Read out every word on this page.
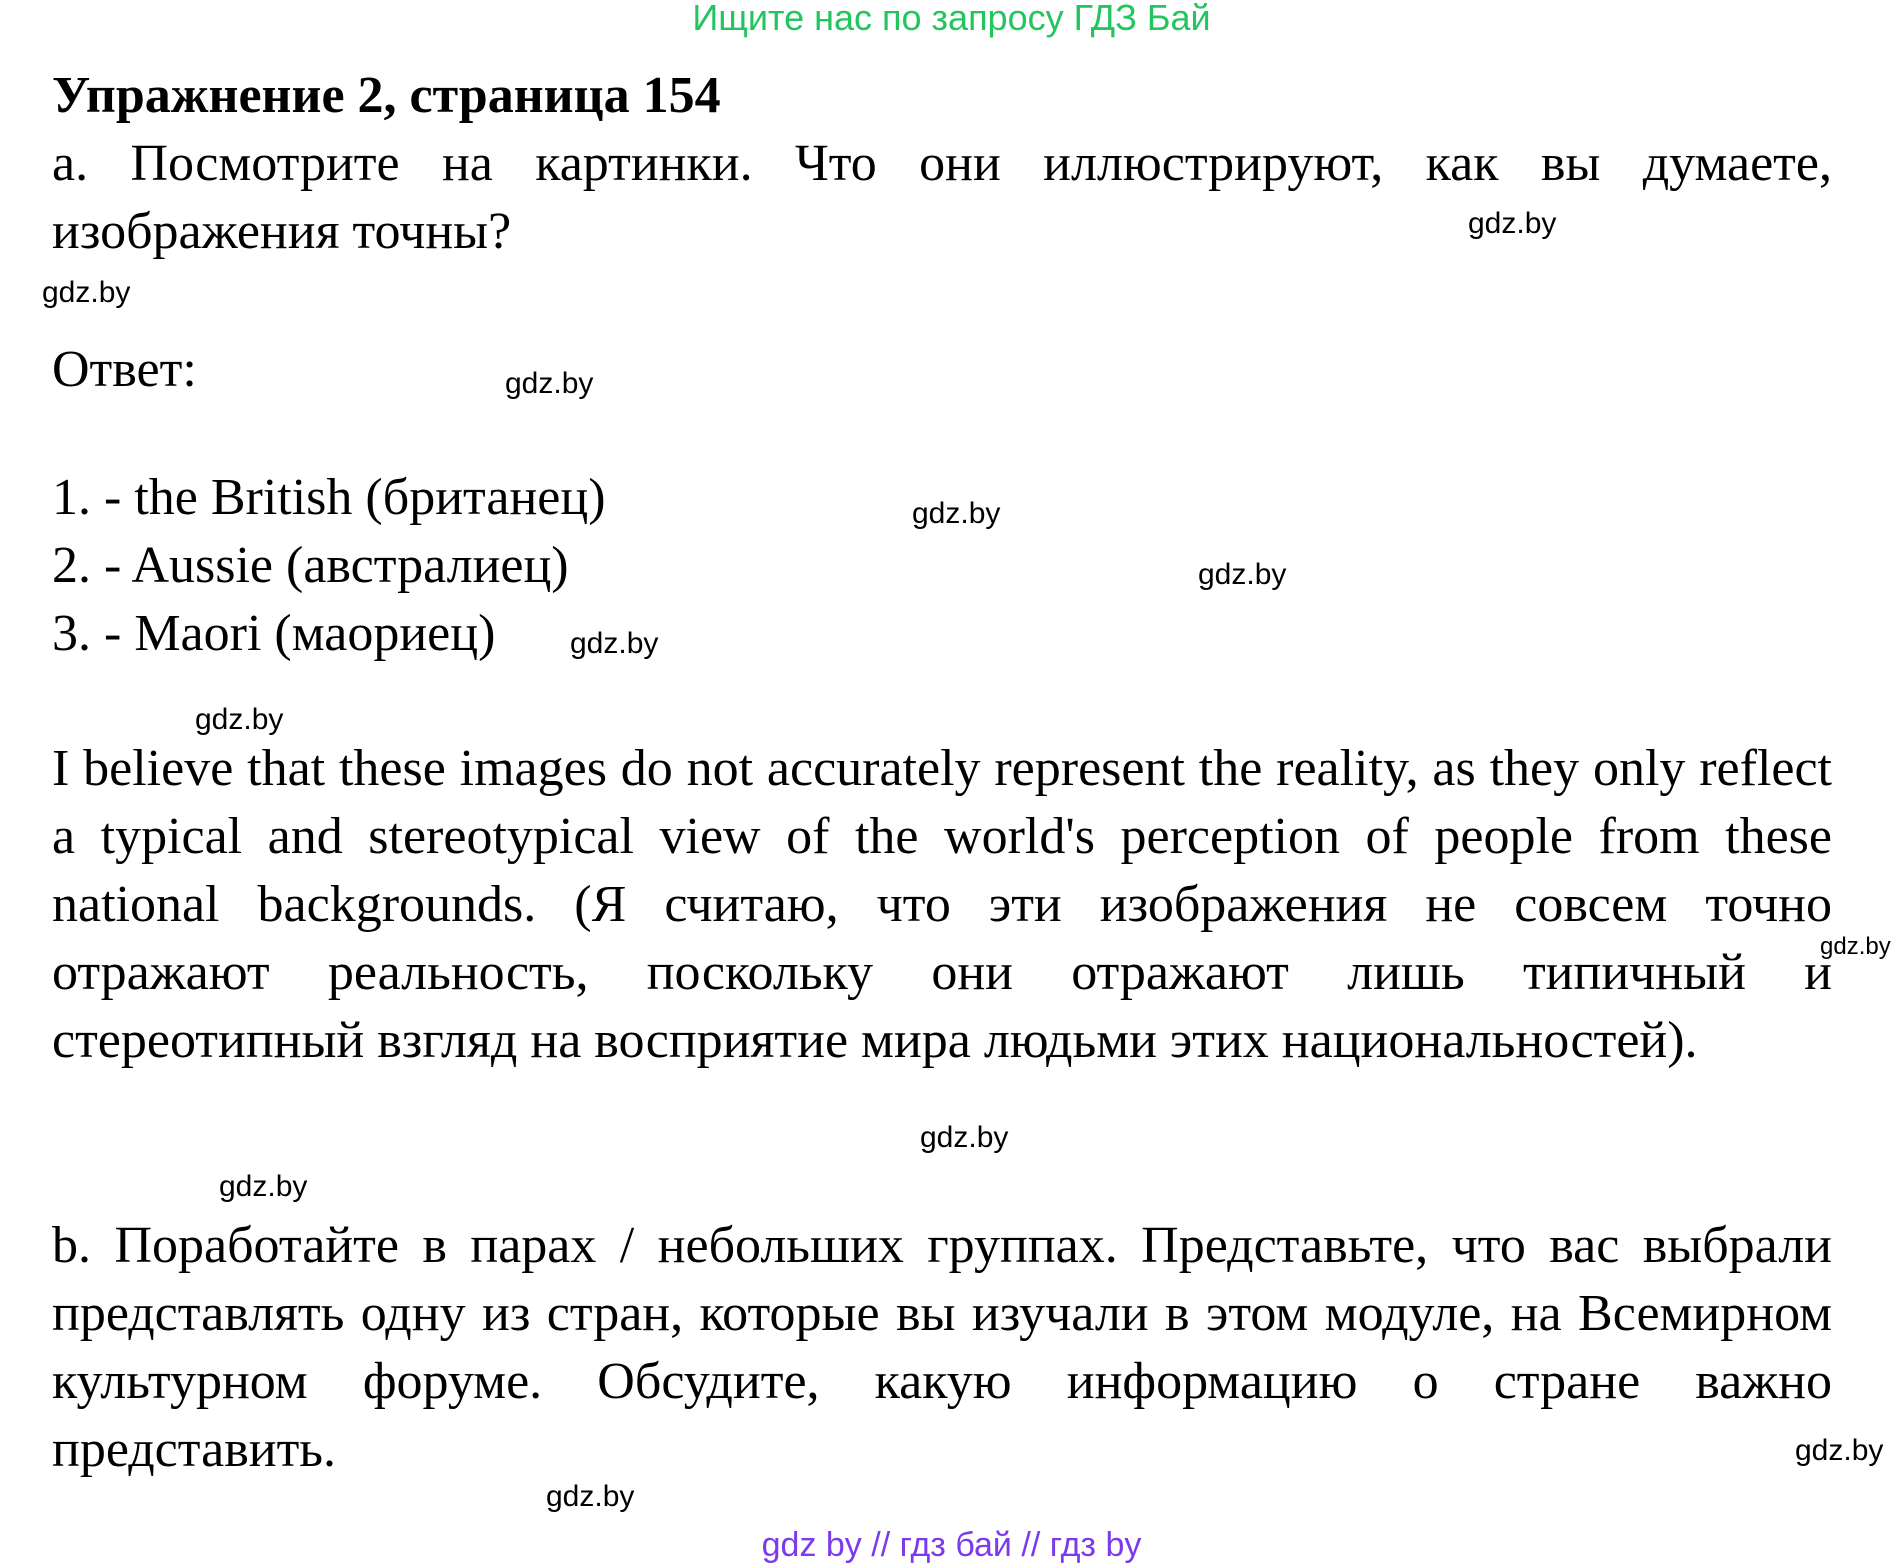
Ищите нас по запросу ГДЗ Бай
Упражнение 2, страница 154
a. Посмотрите на картинки. Что они иллюстрируют, как вы думаете, изображения точны?
Ответ:
1. - the British (британец)
2. - Aussie (австралиец)
3. - Maori (маориец)
I believe that these images do not accurately represent the reality, as they only reflect a typical and stereotypical view of the world's perception of people from these national backgrounds. (Я считаю, что эти изображения не совсем точно отражают реальность, поскольку они отражают лишь типичный и стереотипный взгляд на восприятие мира людьми этих национальностей).
b. Поработайте в парах / небольших группах. Представьте, что вас выбрали представлять одну из стран, которые вы изучали в этом модуле, на Всемирном культурном форуме. Обсудите, какую информацию о стране важно представить.
gdz.by
gdz.by
gdz.by
gdz.by
gdz.by
gdz.by
gdz.by
gdz.by
gdz.by
gdz.by
gdz.by
gdz.by
gdz by // гдз бай // гдз by
